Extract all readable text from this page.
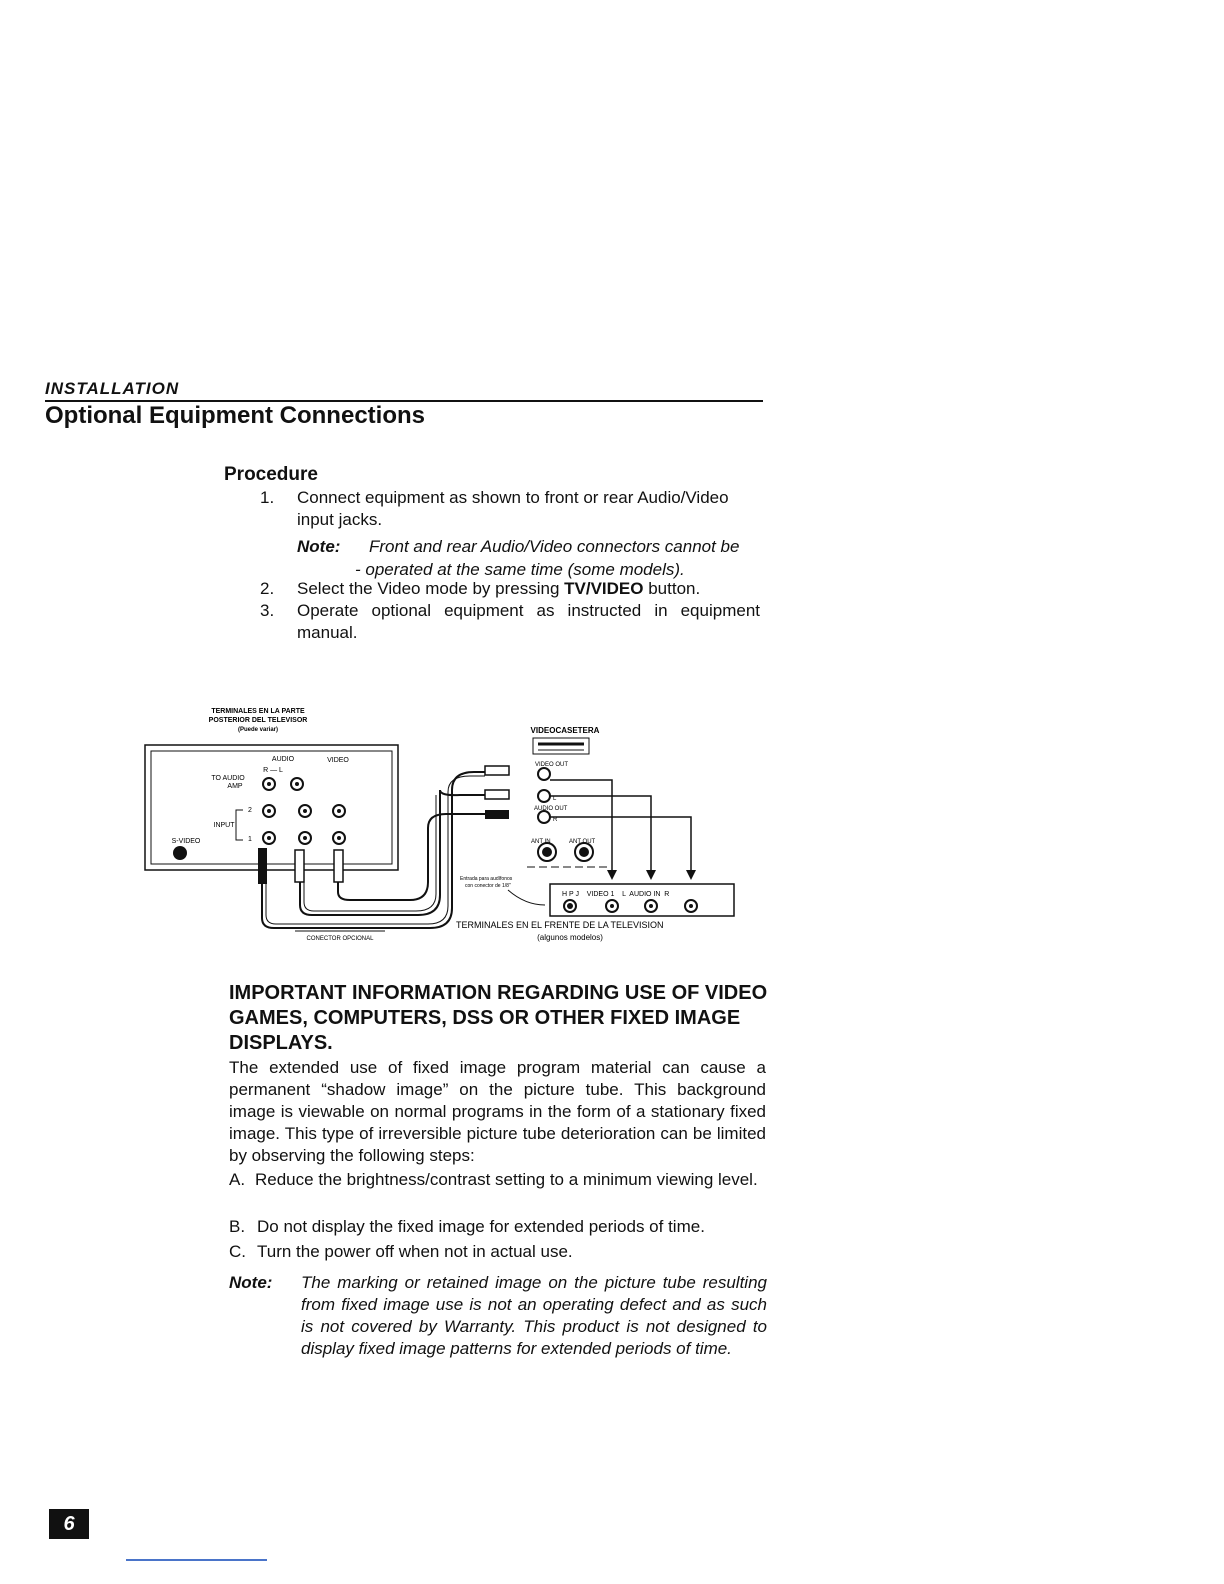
INSTALLATION
Optional Equipment Connections
Procedure
1. Connect equipment as shown to front or rear Audio/Video input jacks.
Note: Front and rear Audio/Video connectors cannot be
- operated at the same time (some models).
2. Select the Video mode by pressing TV/VIDEO button.
3. Operate optional equipment as instructed in equipment manual.
TERMINALES EN LA PARTE
POSTERIOR DEL TELEVISOR
(Puede variar)
AUDIO
R — L
VIDEO
TO AUDIO
AMP
INPUT
S-VIDEO
2
1
VIDEOCASETERA
VIDEO OUT
L
AUDIO OUT
R
ANT IN	ANT OUT
Entrada para audífonos
con conector de 1/8"
H P J    VIDEO 1    L  AUDIO IN  R
TERMINALES EN EL FRENTE DE LA TELEVISION
(algunos modelos)
CONECTOR OPCIONAL
IMPORTANT INFORMATION REGARDING USE OF VIDEO GAMES, COMPUTERS, DSS OR OTHER FIXED IMAGE DISPLAYS.
The extended use of fixed image program material can cause a permanent “shadow image” on the picture tube. This background image is viewable on normal programs in the form of a stationary fixed image. This type of irreversible picture tube deterioration can be limited by observing the following steps:
A. Reduce the brightness/contrast setting to a minimum viewing level.
B. Do not display the fixed image for extended periods of time.
C. Turn the power off when not in actual use.
Note: The marking or retained image on the picture tube resulting from fixed image use is not an operating defect and as such is not covered by Warranty. This product is not designed to display fixed image patterns for extended periods of time.
6
